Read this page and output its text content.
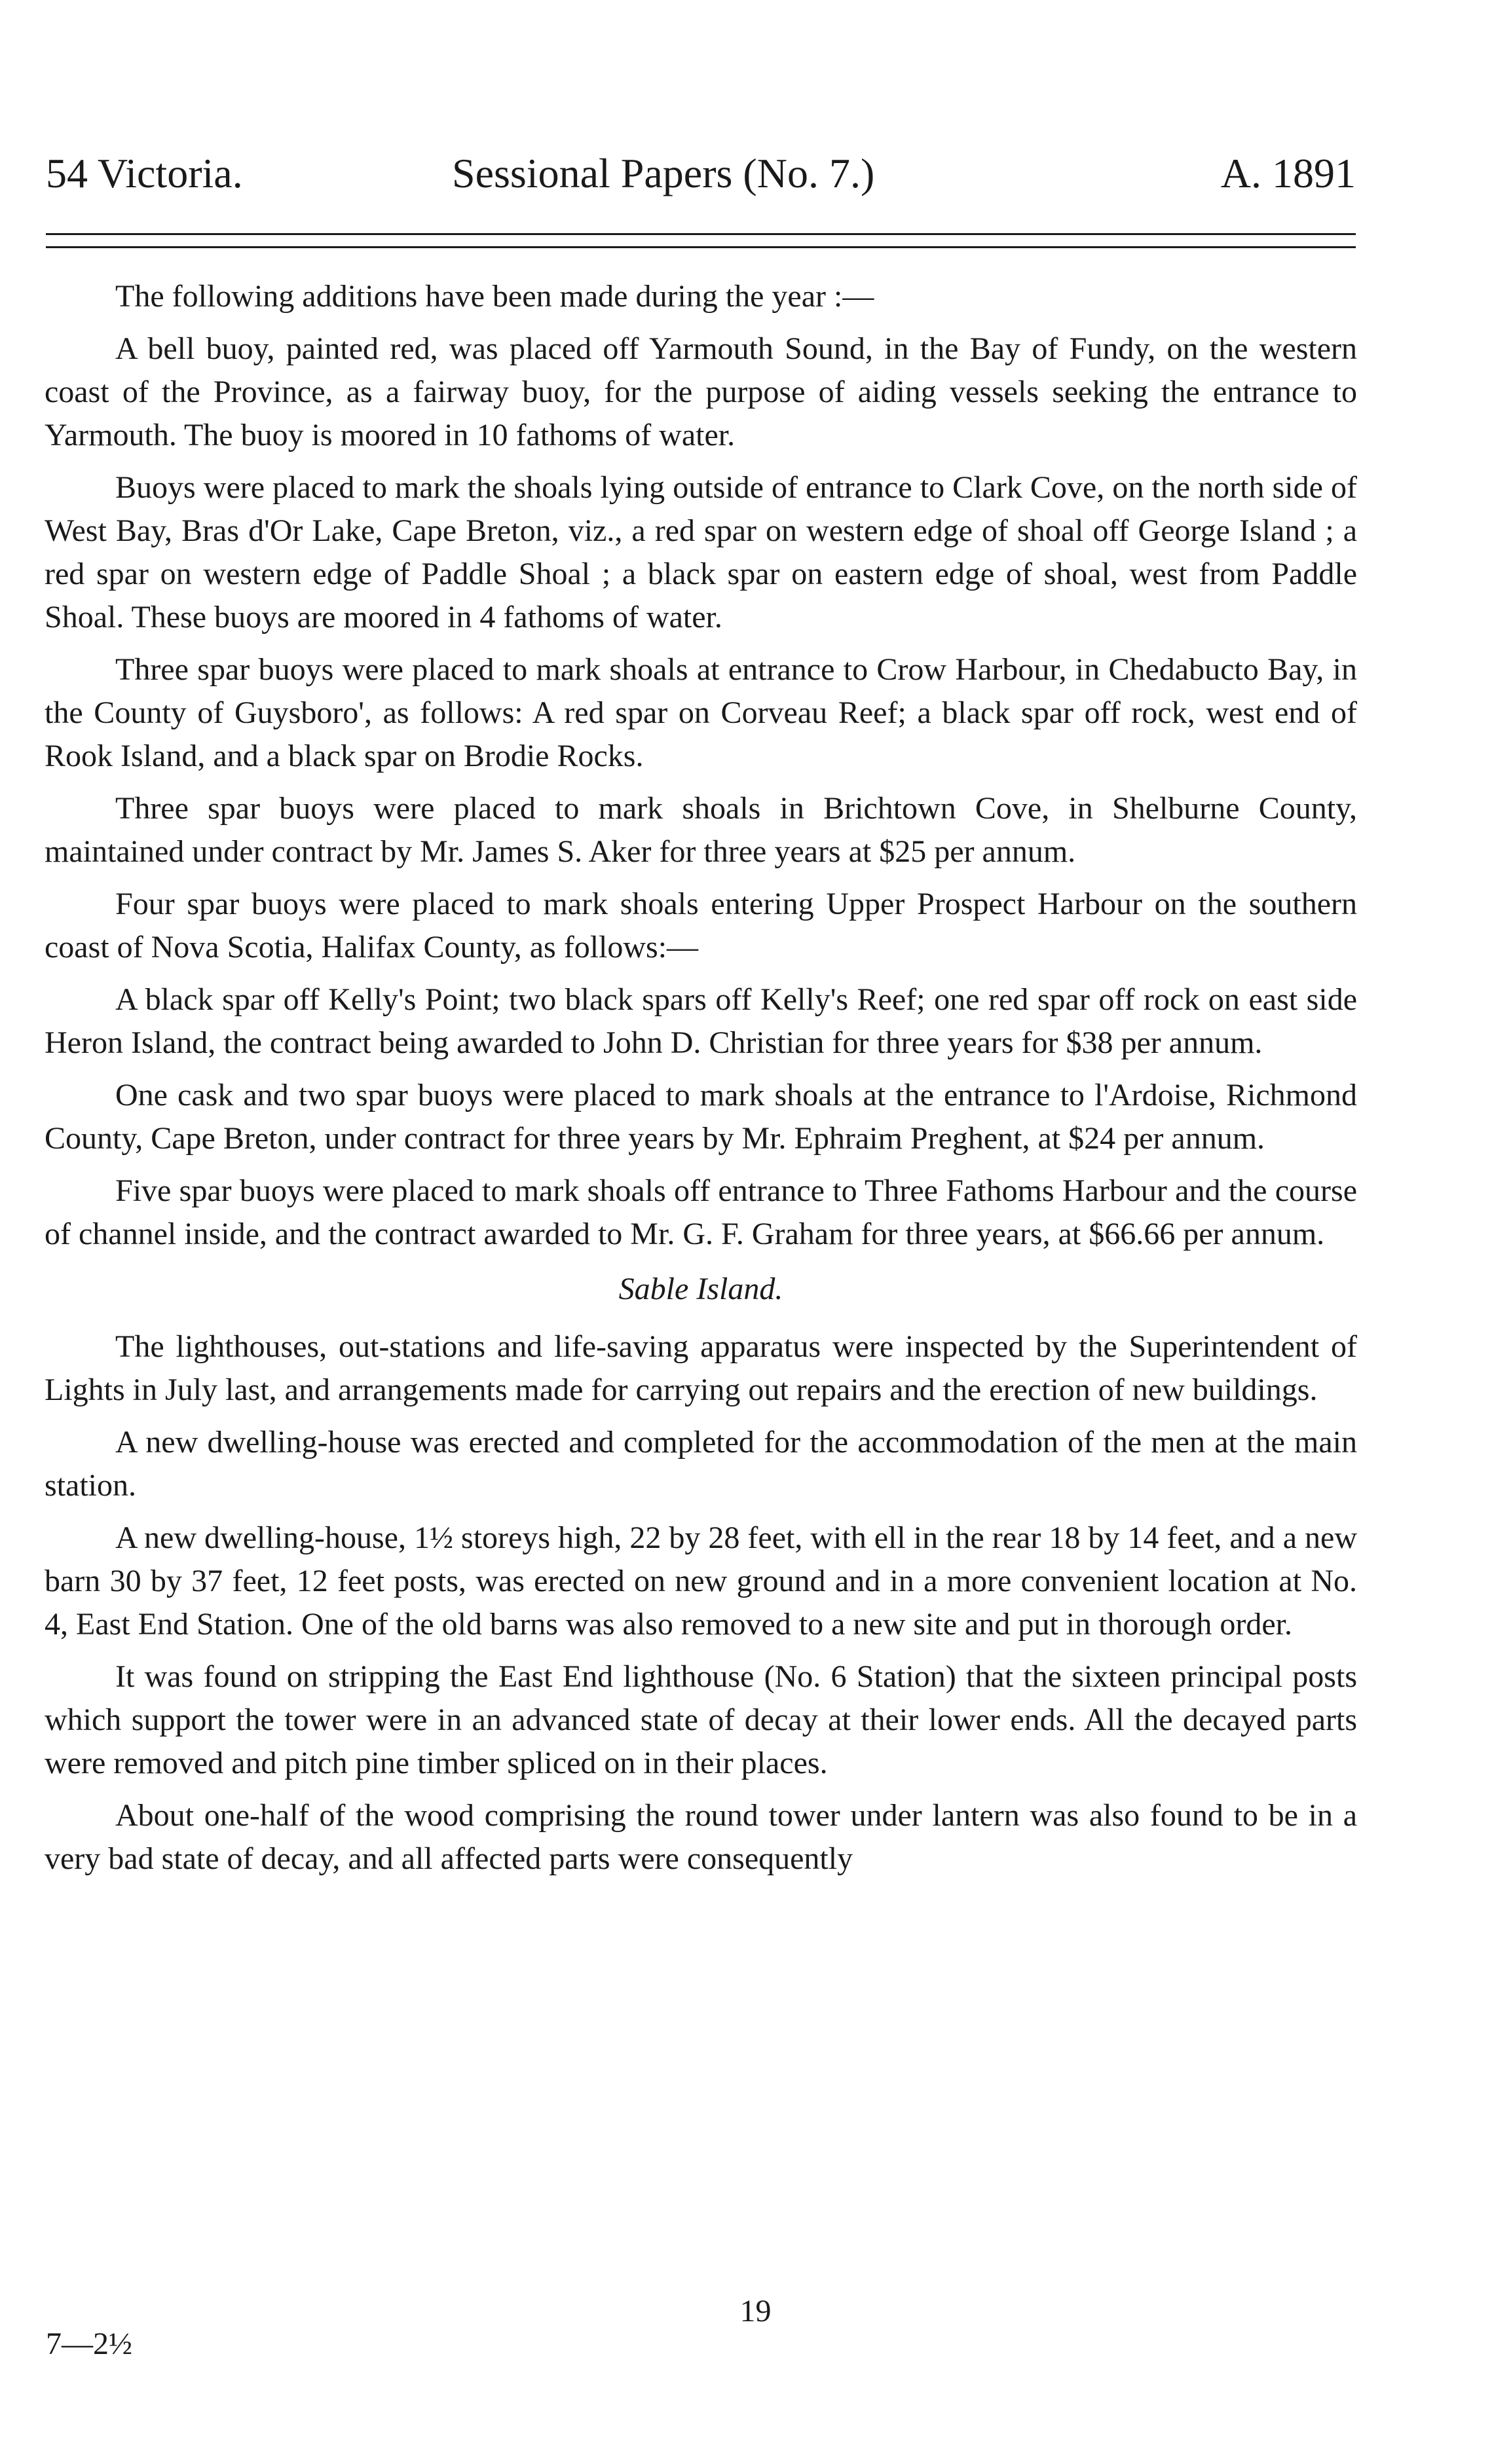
54 Victoria.	Sessional Papers (No. 7.)	A. 1891

The following additions have been made during the year :—

A bell buoy, painted red, was placed off Yarmouth Sound, in the Bay of Fundy, on the western coast of the Province, as a fairway buoy, for the purpose of aiding vessels seeking the entrance to Yarmouth. The buoy is moored in 10 fathoms of water.

Buoys were placed to mark the shoals lying outside of entrance to Clark Cove, on the north side of West Bay, Bras d'Or Lake, Cape Breton, viz., a red spar on western edge of shoal off George Island ; a red spar on western edge of Paddle Shoal ; a black spar on eastern edge of shoal, west from Paddle Shoal. These buoys are moored in 4 fathoms of water.

Three spar buoys were placed to mark shoals at entrance to Crow Harbour, in Chedabucto Bay, in the County of Guysboro', as follows: A red spar on Corveau Reef; a black spar off rock, west end of Rook Island, and a black spar on Brodie Rocks.

Three spar buoys were placed to mark shoals in Brichtown Cove, in Shelburne County, maintained under contract by Mr. James S. Aker for three years at $25 per annum.

Four spar buoys were placed to mark shoals entering Upper Prospect Harbour on the southern coast of Nova Scotia, Halifax County, as follows:—

A black spar off Kelly's Point; two black spars off Kelly's Reef; one red spar off rock on east side Heron Island, the contract being awarded to John D. Christian for three years for $38 per annum.

One cask and two spar buoys were placed to mark shoals at the entrance to l'Ardoise, Richmond County, Cape Breton, under contract for three years by Mr. Ephraim Preghent, at $24 per annum.

Five spar buoys were placed to mark shoals off entrance to Three Fathoms Harbour and the course of channel inside, and the contract awarded to Mr. G. F. Graham for three years, at $66.66 per annum.

Sable Island.

The lighthouses, out-stations and life-saving apparatus were inspected by the Superintendent of Lights in July last, and arrangements made for carrying out repairs and the erection of new buildings.

A new dwelling-house was erected and completed for the accommodation of the men at the main station.

A new dwelling-house, 1½ storeys high, 22 by 28 feet, with ell in the rear 18 by 14 feet, and a new barn 30 by 37 feet, 12 feet posts, was erected on new ground and in a more convenient location at No. 4, East End Station. One of the old barns was also removed to a new site and put in thorough order.

It was found on stripping the East End lighthouse (No. 6 Station) that the sixteen principal posts which support the tower were in an advanced state of decay at their lower ends. All the decayed parts were removed and pitch pine timber spliced on in their places.

About one-half of the wood comprising the round tower under lantern was also found to be in a very bad state of decay, and all affected parts were consequently

19
7—2½
